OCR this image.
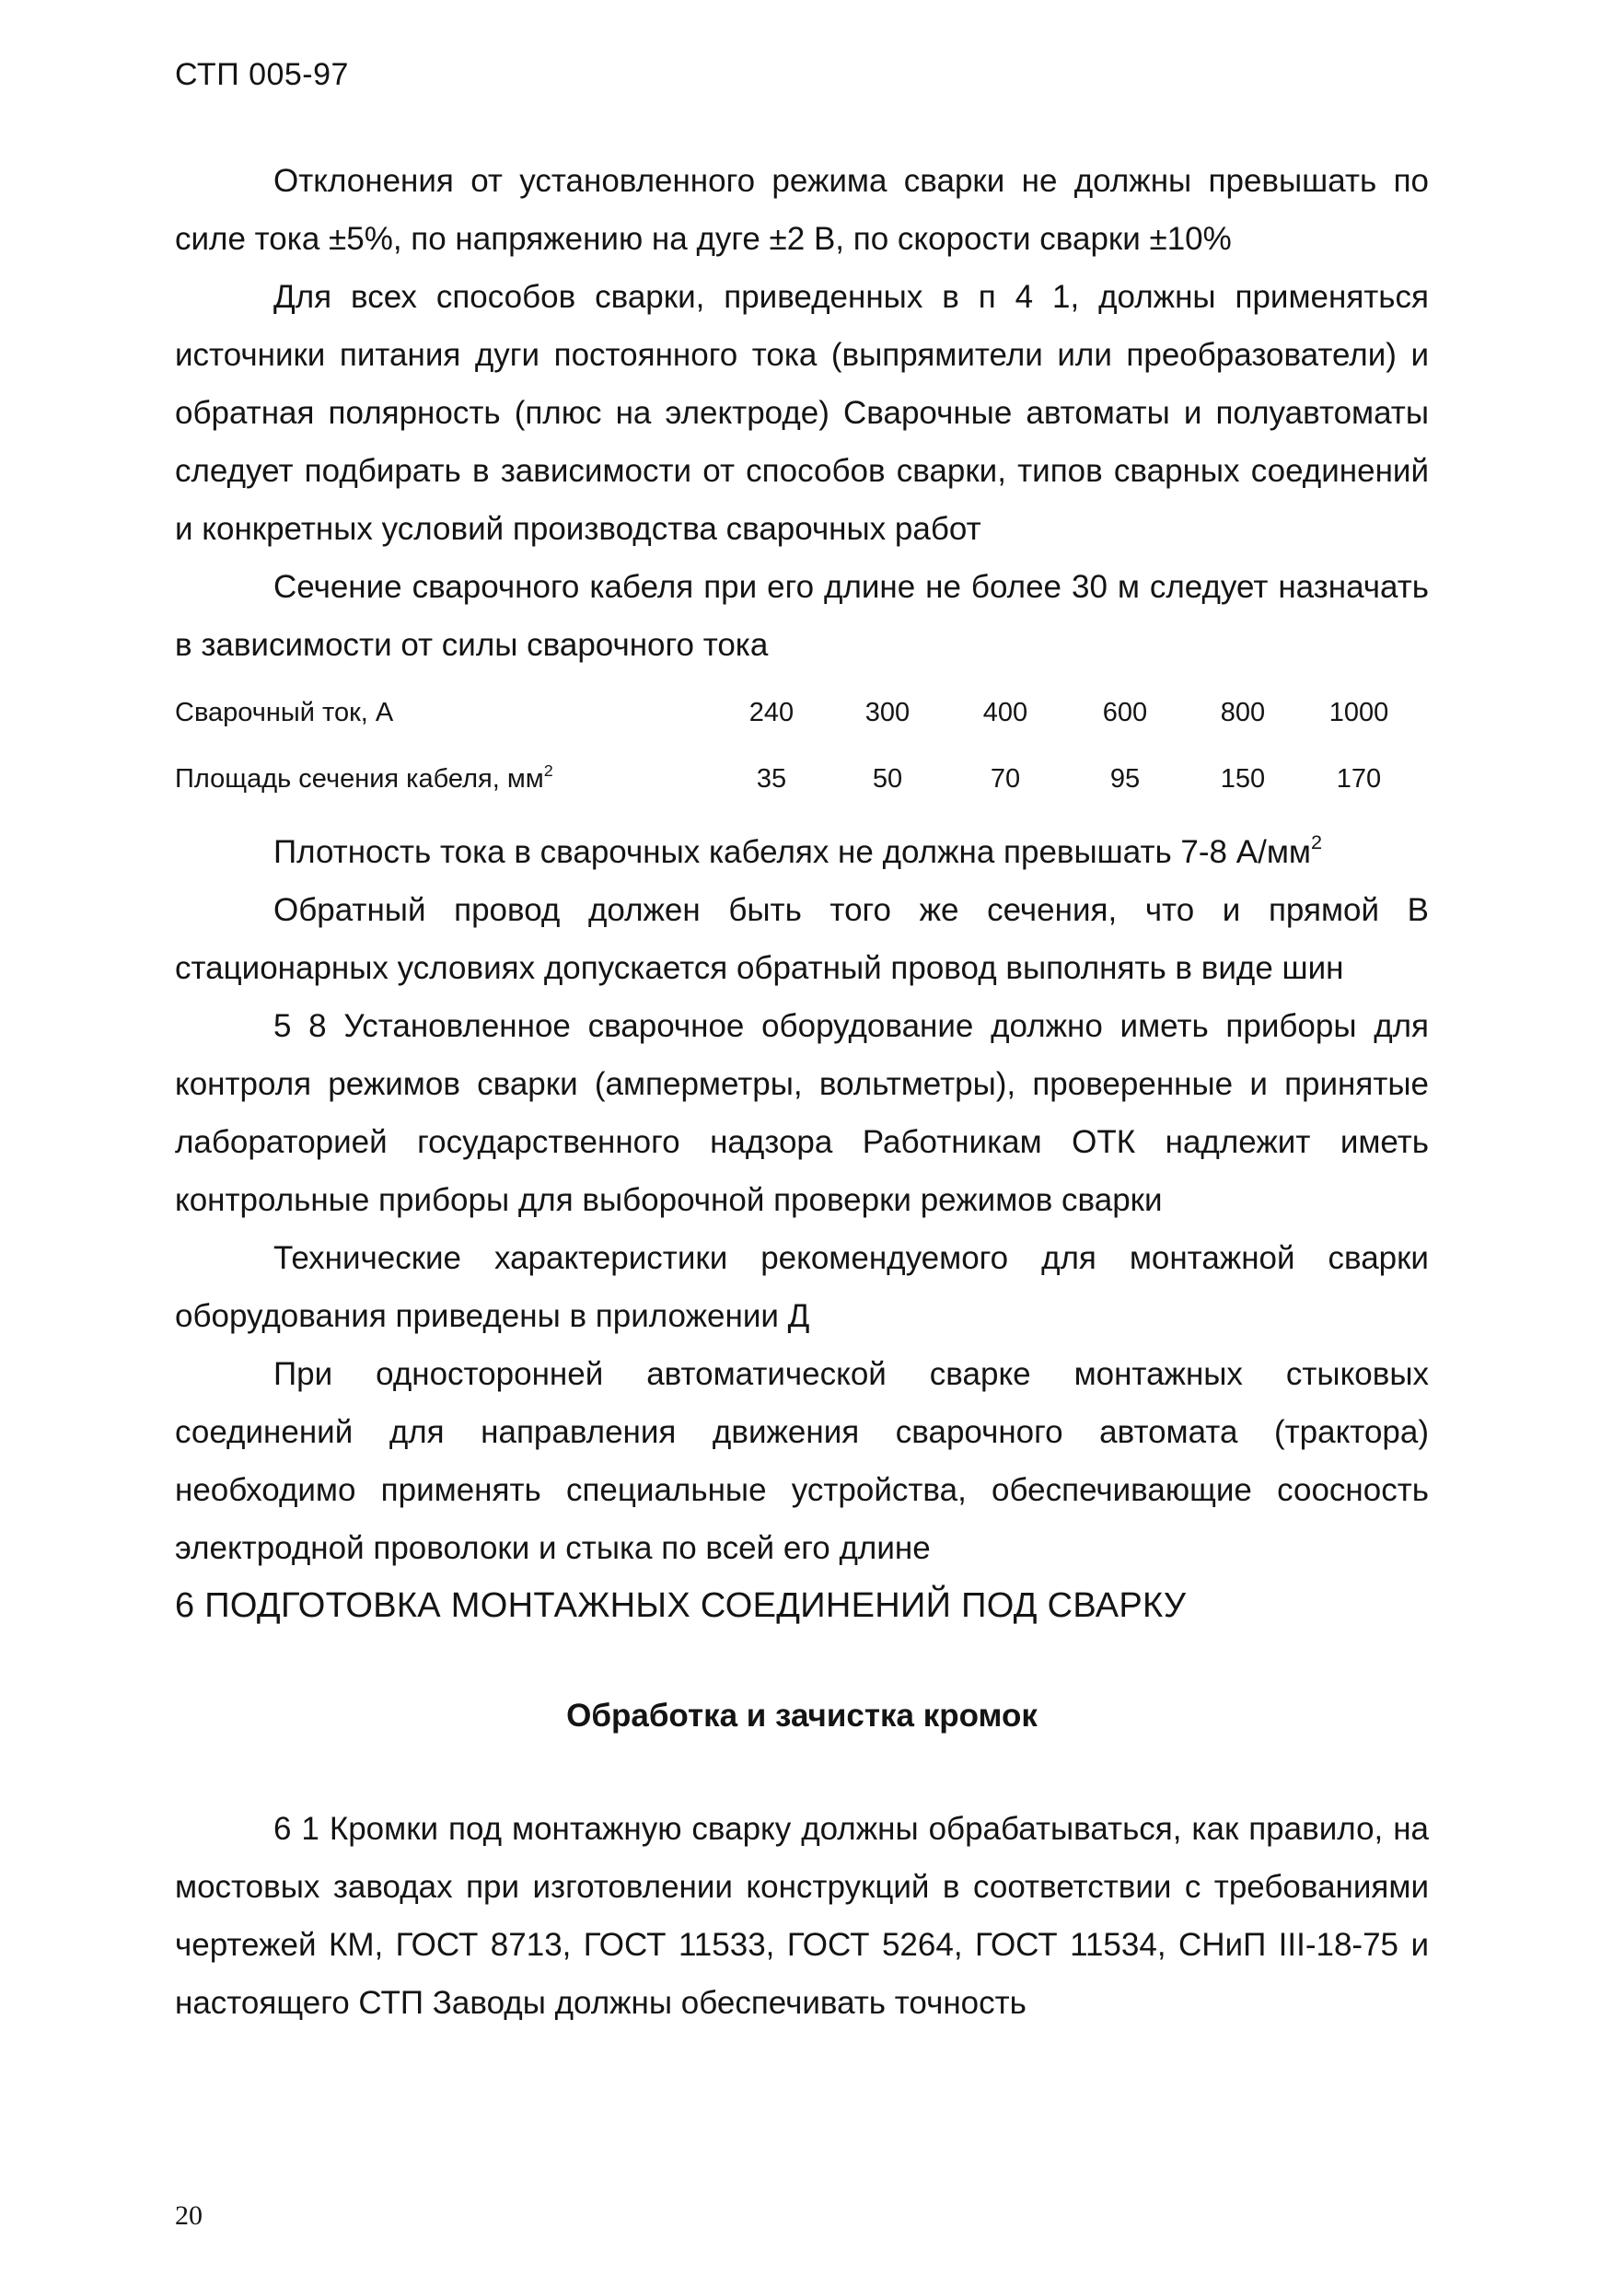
СТП 005-97

Отклонения от установленного режима сварки не должны превышать по силе тока ±5%, по напряжению на дуге ±2 В, по скорости сварки ±10%

Для всех способов сварки, приведенных в п 4 1, должны применяться источники питания дуги постоянного тока (выпрямители или преобразователи) и обратная полярность (плюс на электроде) Сварочные автоматы и полуавтоматы следует подбирать в зависимости от способов сварки, типов сварных соединений и конкретных условий производства сварочных работ

Сечение сварочного кабеля при его длине не более 30 м следует назначать в зависимости от силы сварочного тока

Сварочный ток, А	240	300	400	600	800	1000
Площадь сечения кабеля, $мм^2$	35	50	70	95	150	170

Плотность тока в сварочных кабелях не должна превышать 7-8 $А/мм^2$

Обратный провод должен быть того же сечения, что и прямой В стационарных условиях допускается обратный провод выполнять в виде шин

5 8 Установленное сварочное оборудование должно иметь приборы для контроля режимов сварки (амперметры, вольтметры), проверенные и принятые лабораторией государственного надзора Работникам ОТК надлежит иметь контрольные приборы для выборочной проверки режимов сварки

Технические характеристики рекомендуемого для монтажной сварки оборудования приведены в приложении Д

При односторонней автоматической сварке монтажных стыковых соединений для направления движения сварочного автомата (трактора) необходимо применять специальные устройства, обеспечивающие соосность электродной проволоки и стыка по всей его длине

6 ПОДГОТОВКА МОНТАЖНЫХ СОЕДИНЕНИЙ ПОД СВАРКУ

Обработка и зачистка кромок

6 1 Кромки под монтажную сварку должны обрабатываться, как правило, на мостовых заводах при изготовлении конструкций в соответствии с требованиями чертежей КМ, ГОСТ 8713, ГОСТ 11533, ГОСТ 5264, ГОСТ 11534, СНиП III-18-75 и настоящего СТП Заводы должны обеспечивать точность

20
